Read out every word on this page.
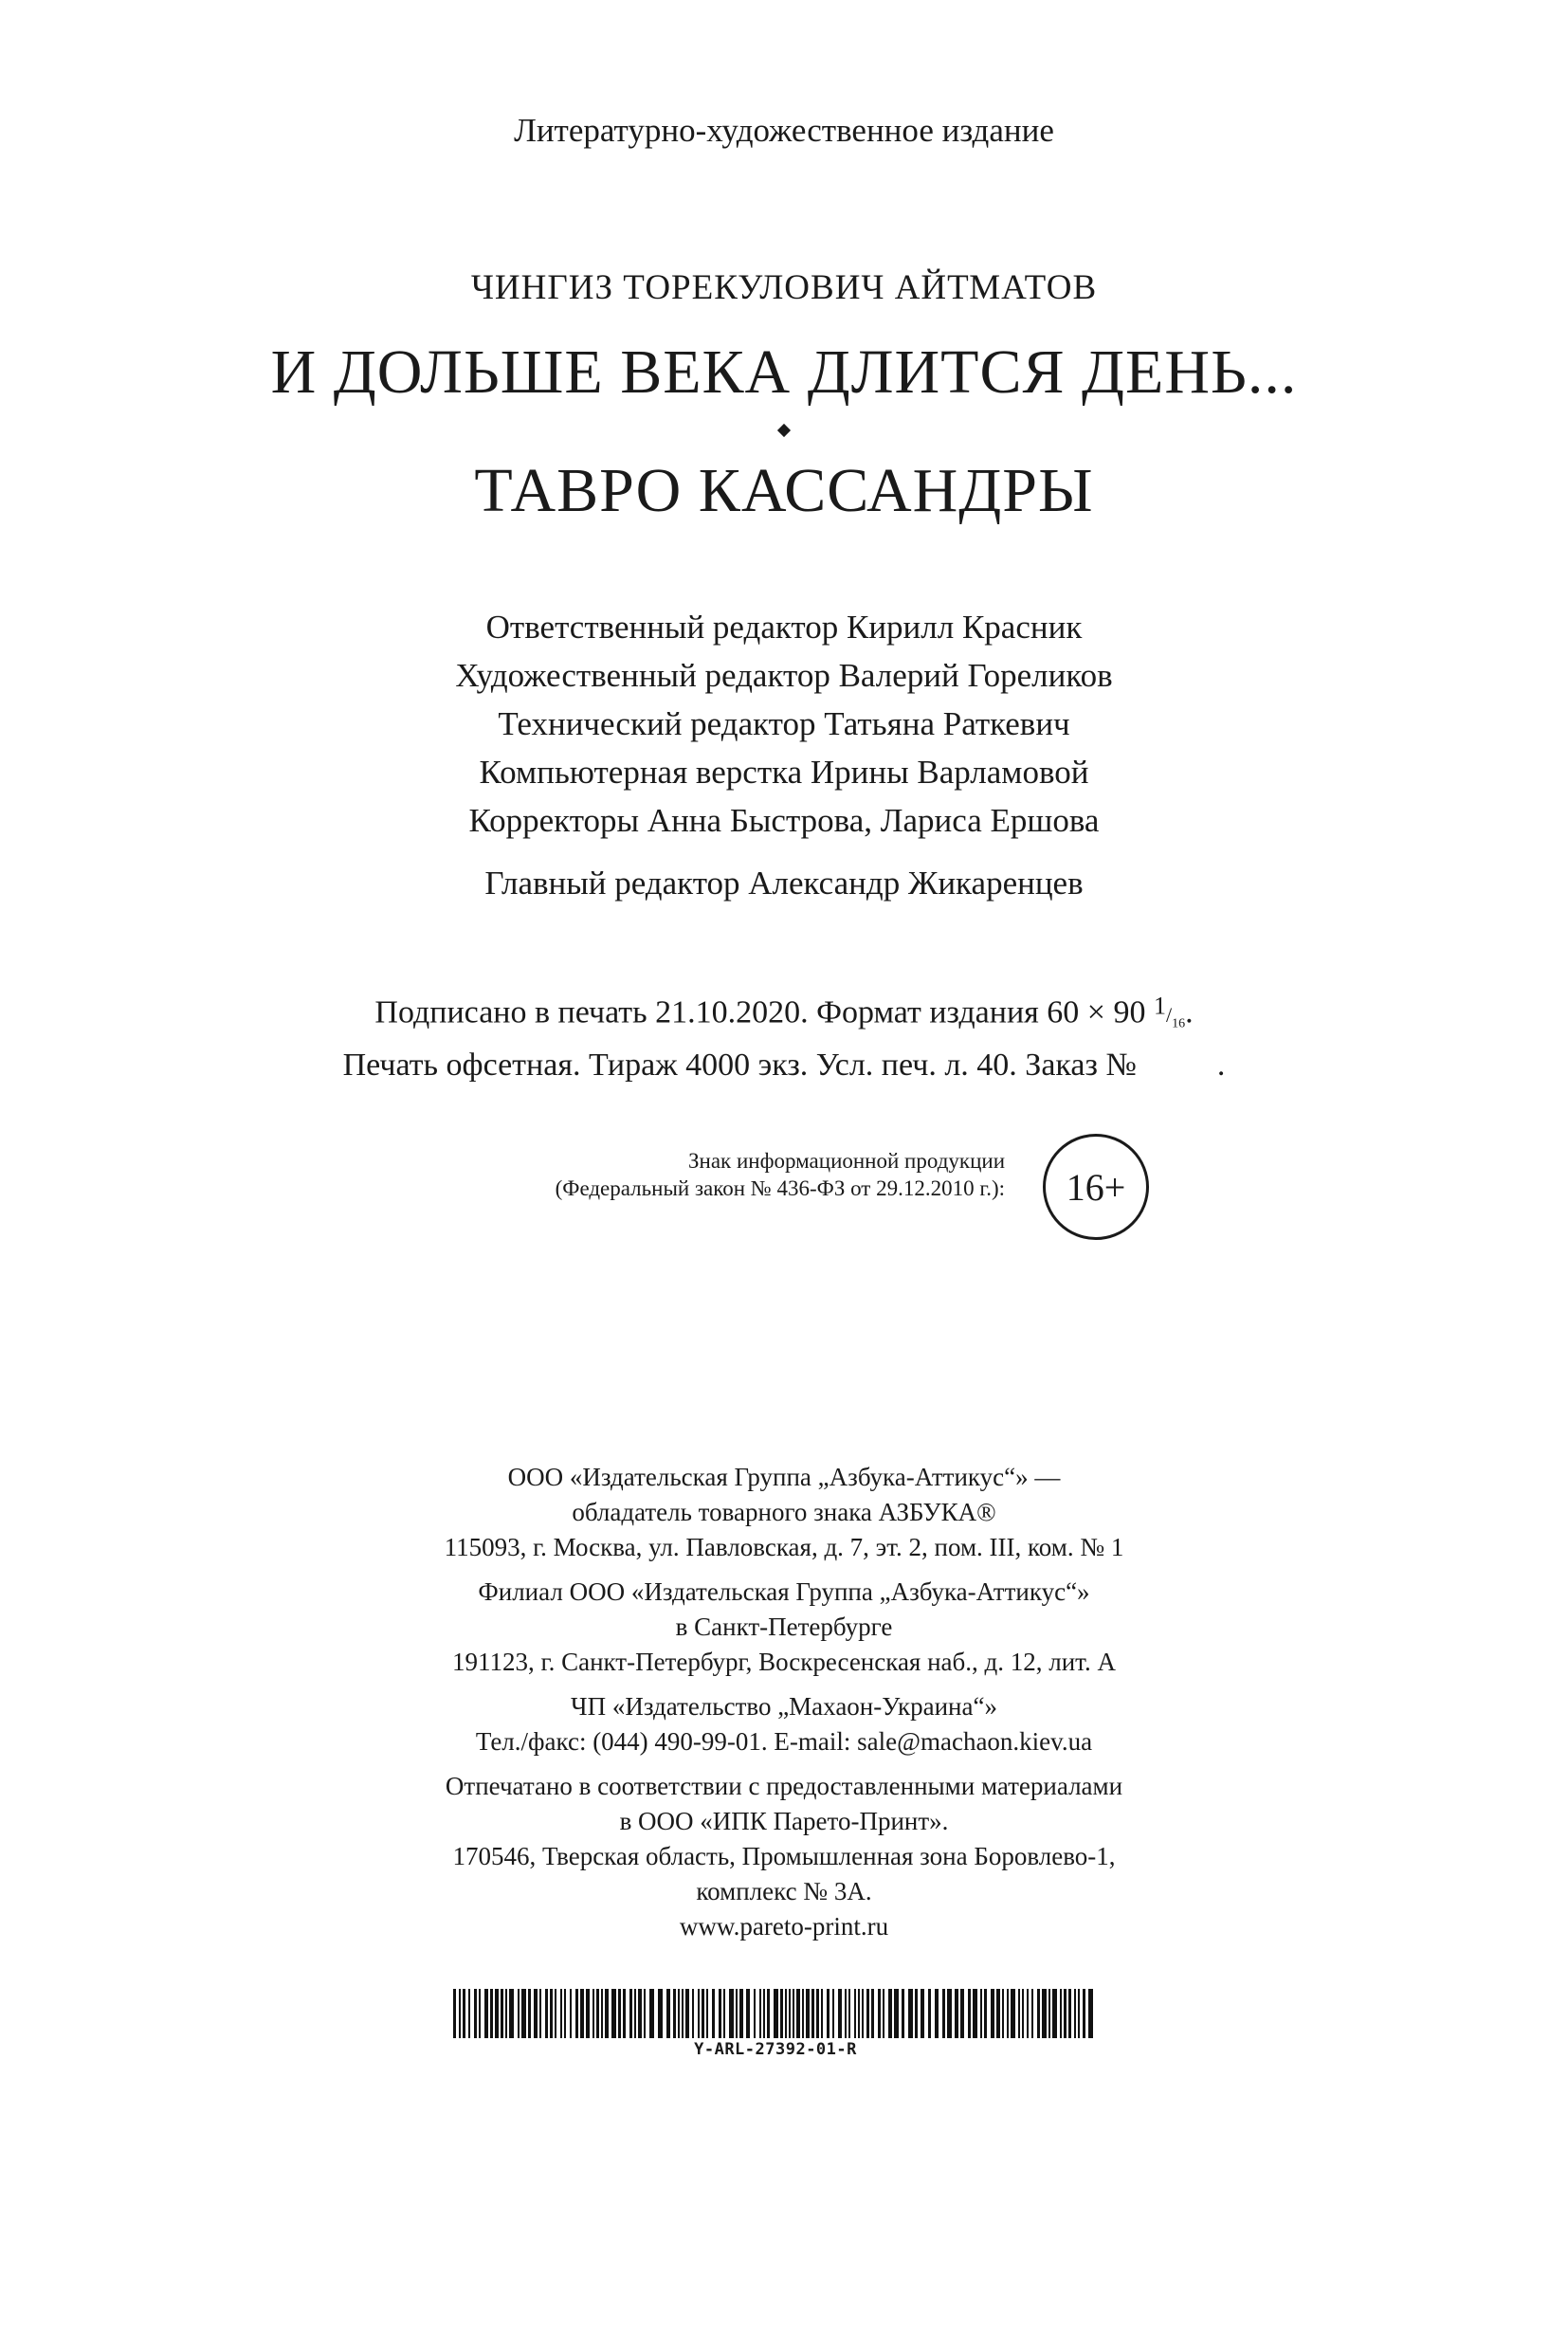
Литературно-художественное издание
ЧИНГИЗ ТОРЕКУЛОВИЧ АЙТМАТОВ
И ДОЛЬШЕ ВЕКА ДЛИТСЯ ДЕНЬ...
ТАВРО КАССАНДРЫ
Ответственный редактор Кирилл Красник
Художественный редактор Валерий Гореликов
Технический редактор Татьяна Раткевич
Компьютерная верстка Ирины Варламовой
Корректоры Анна Быстрова, Лариса Ершова
Главный редактор Александр Жикаренцев
Подписано в печать 21.10.2020. Формат издания 60 × 90 $^1/_{16}$.
Печать офсетная. Тираж 4000 экз. Усл. печ. л. 40. Заказ №          .
Знак информационной продукции
(Федеральный закон № 436-ФЗ от 29.12.2010 г.):	16+
ООО «Издательская Группа „Азбука-Аттикус“» —
обладатель товарного знака АЗБУКА®
115093, г. Москва, ул. Павловская, д. 7, эт. 2, пом. III, ком. № 1
Филиал ООО «Издательская Группа „Азбука-Аттикус“»
в Санкт-Петербурге
191123, г. Санкт-Петербург, Воскресенская наб., д. 12, лит. А
ЧП «Издательство „Махаон-Украина“»
Тел./факс: (044) 490-99-01. E-mail: sale@machaon.kiev.ua
Отпечатано в соответствии с предоставленными материалами
в ООО «ИПК Парето-Принт».
170546, Тверская область, Промышленная зона Боровлево-1,
комплекс № 3А.
www.pareto-print.ru
Y-ARL-27392-01-R
